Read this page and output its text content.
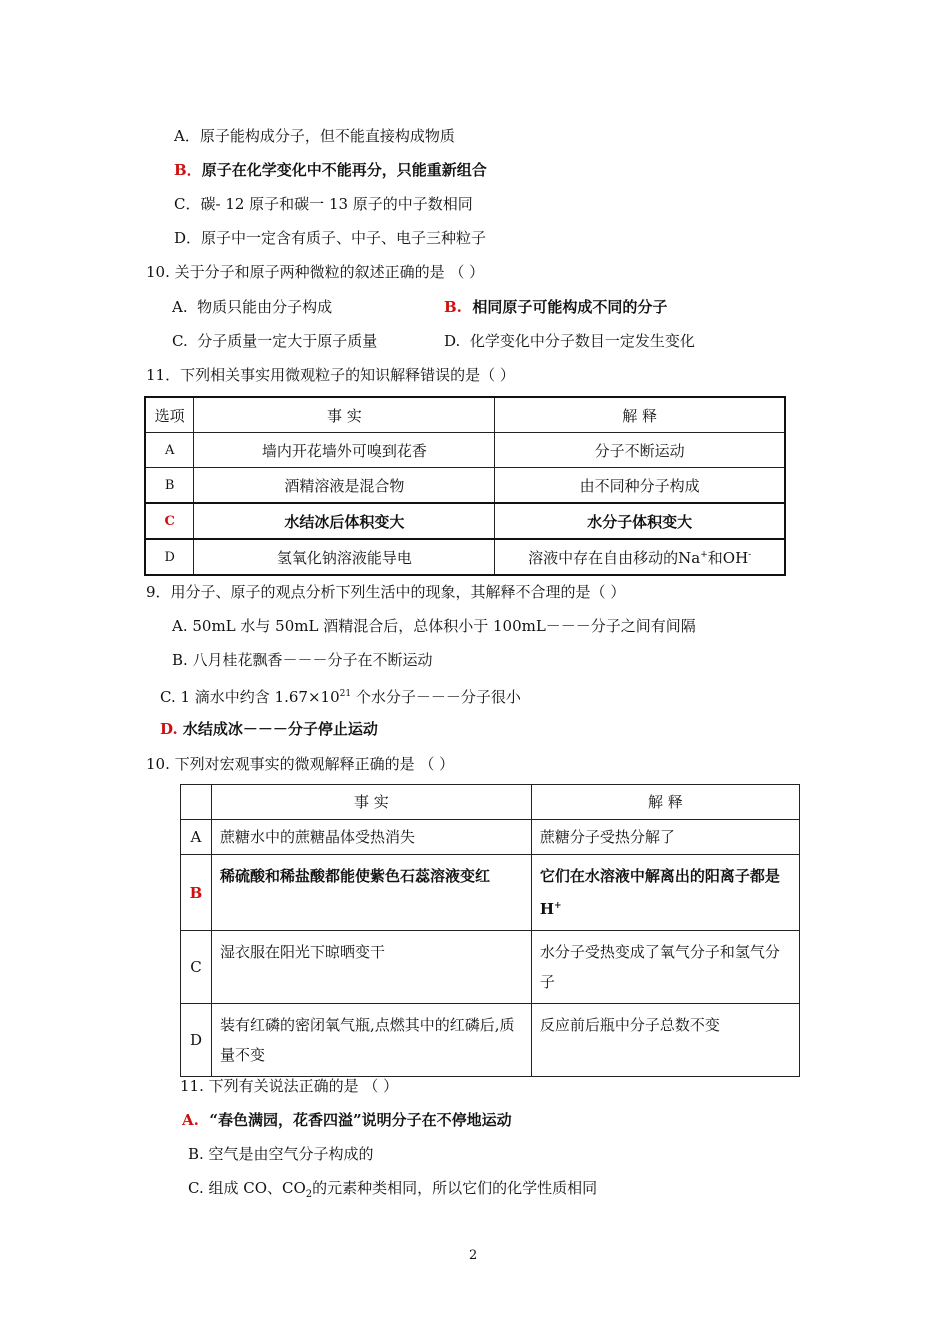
A．原子能构成分子，但不能直接构成物质
B．原子在化学变化中不能再分，只能重新组合
C．碳- 12 原子和碳一 13 原子的中子数相同
D．原子中一定含有质子、中子、电子三种粒子
10. 关于分子和原子两种微粒的叙述正确的是 （ ）
A. 物质只能由分子构成	B. 相同原子可能构成不同的分子
C. 分子质量一定大于原子质量	D. 化学变化中分子数目一定发生变化
11．下列相关事实用微观粒子的知识解释错误的是（ ）
选项	事 实	解 释
A	墙内开花墙外可嗅到花香	分子不断运动
B	酒精溶液是混合物	由不同种分子构成
C	水结冰后体积变大	水分子体积变大
D	氢氧化钠溶液能导电	溶液中存在自由移动的Na+和OH-
9．用分子、原子的观点分析下列生活中的现象，其解释不合理的是（ ）
A. 50mL 水与 50mL 酒精混合后，总体积小于 100mL－－－分子之间有间隔
B. 八月桂花飘香－－－分子在不断运动
C. 1 滴水中约含 $1.67\times 10^{21}$ 个水分子－－－分子很小
D. 水结成冰－－－分子停止运动
10. 下列对宏观事实的微观解释正确的是 （ ）
	事 实	解 释
A	蔗糖水中的蔗糖晶体受热消失	蔗糖分子受热分解了
B	稀硫酸和稀盐酸都能使紫色石蕊溶液变红	它们在水溶液中解离出的阳离子都是 H+
C	湿衣服在阳光下晾晒变干	水分子受热变成了氧气分子和氢气分子
D	装有红磷的密闭氧气瓶,点燃其中的红磷后,质量不变	反应前后瓶中分子总数不变
11. 下列有关说法正确的是 （ ）
A. “春色满园，花香四溢”说明分子在不停地运动
B. 空气是由空气分子构成的
C. 组成 CO、$CO_2$的元素种类相同，所以它们的化学性质相同
2
